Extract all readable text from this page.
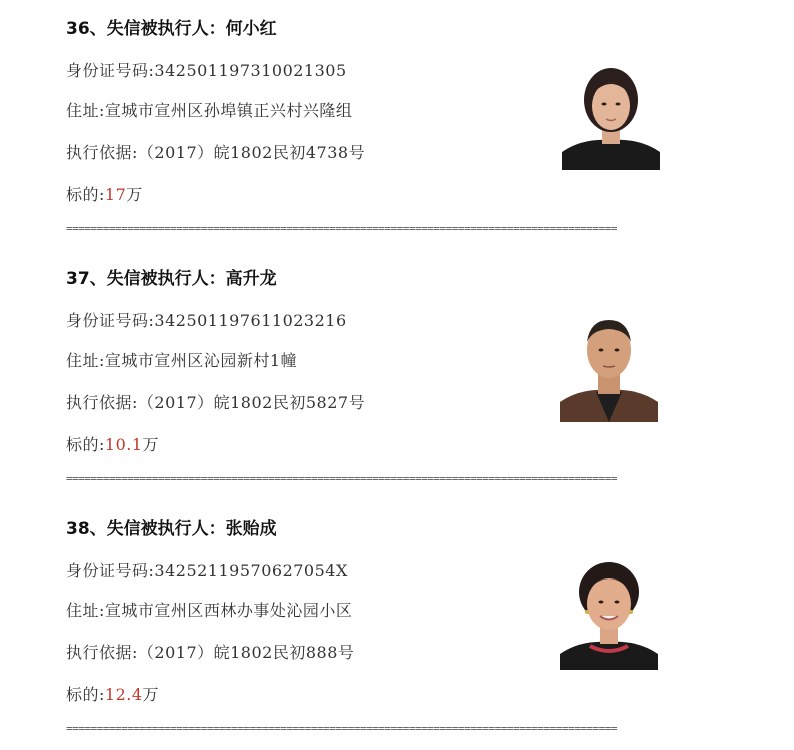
36、失信被执行人：何小红
身份证号码:342501197310021305
住址:宣城市宣州区孙埠镇正兴村兴隆组
执行依据:（2017）皖1802民初4738号
标的:17万
==========================================================================================
37、失信被执行人：高升龙
身份证号码:342501197611023216
住址:宣城市宣州区沁园新村1幢
执行依据:（2017）皖1802民初5827号
标的:10.1万
==========================================================================================
38、失信被执行人：张贻成
身份证号码:34252119570627054X
住址:宣城市宣州区西林办事处沁园小区
执行依据:（2017）皖1802民初888号
标的:12.4万
==========================================================================================
